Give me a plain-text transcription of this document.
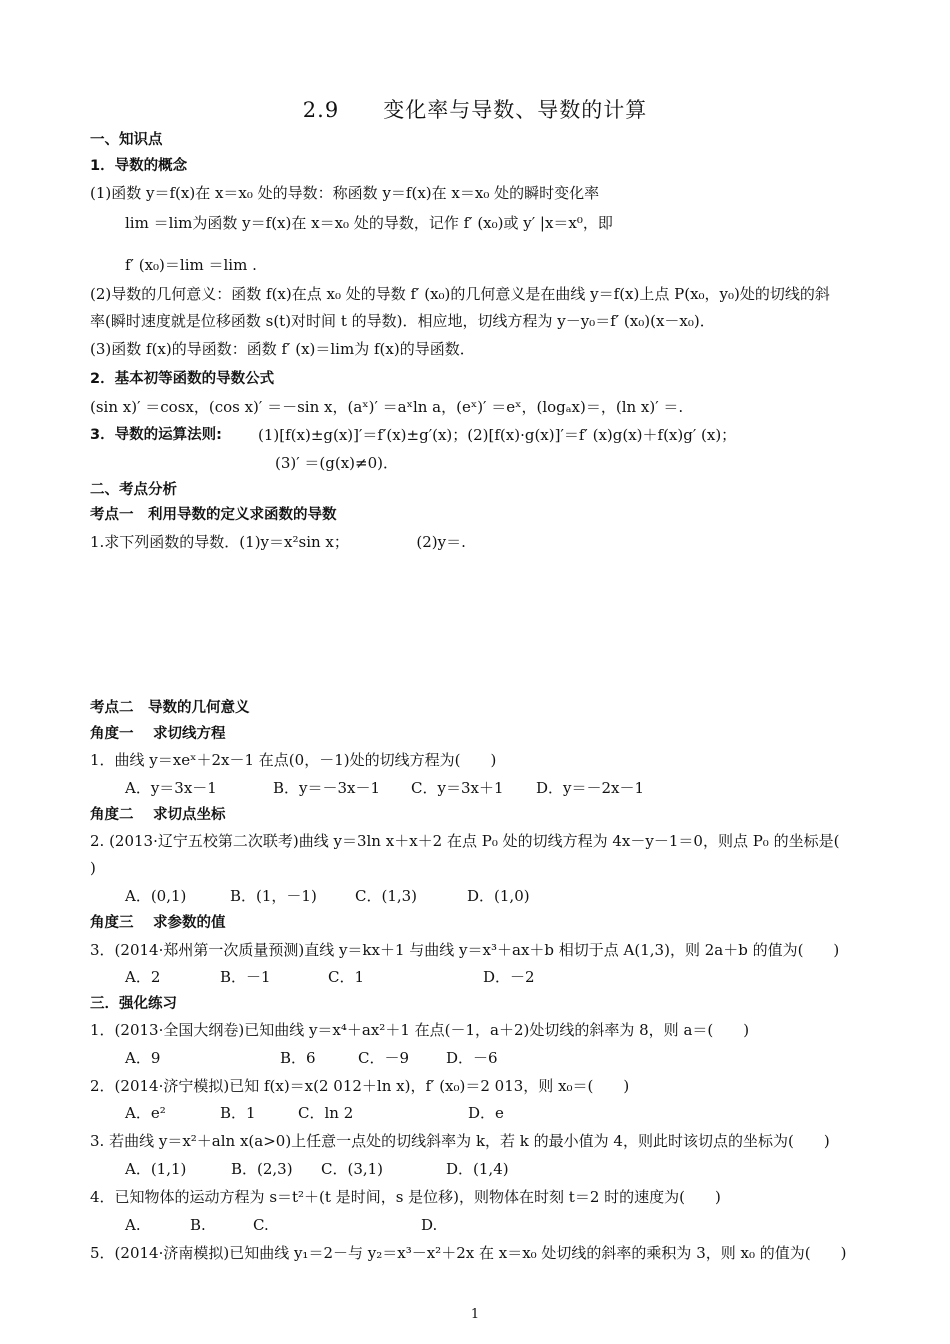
2.9　　变化率与导数、导数的计算
一、知识点
1．导数的概念
(1)函数 y＝f(x)在 x＝x₀ 处的导数：称函数 y＝f(x)在 x＝x₀ 处的瞬时变化率
lim ＝lim为函数 y＝f(x)在 x＝x₀ 处的导数，记作 f′ (x₀)或 y′ |x＝x⁰，即
f′ (x₀)＝lim ＝lim .
(2)导数的几何意义：函数 f(x)在点 x₀ 处的导数 f′ (x₀)的几何意义是在曲线 y＝f(x)上点 P(x₀，y₀)处的切线的斜
率(瞬时速度就是位移函数 s(t)对时间 t 的导数)．相应地，切线方程为 y－y₀＝f′ (x₀)(x－x₀)．
(3)函数 f(x)的导函数：函数 f′ (x)＝lim为 f(x)的导函数．
2．基本初等函数的导数公式
(sin x)′ ＝cosx，(cos x)′ ＝－sin x，(aˣ)′ ＝aˣln a，(eˣ)′ ＝eˣ，(logₐx)＝，(ln x)′ ＝.
3．导数的运算法则: (1)[f(x)±g(x)]′＝f′(x)±g′(x)；(2)[f(x)·g(x)]′＝f′ (x)g(x)＋f(x)g′ (x)；
(3)′ ＝(g(x)≠0)．
二、考点分析
考点一　利用导数的定义求函数的导数
1.求下列函数的导数．(1)y＝x²sin x；　　　　　(2)y＝.
考点二　导数的几何意义
角度一　 求切线方程
1．曲线 y＝xeˣ＋2x－1 在点(0，－1)处的切线方程为(　　)
A．y＝3x－1	B．y＝－3x－1 C．y＝3x＋1 D．y＝－2x－1
角度二　 求切点坐标
2. (2013·辽宁五校第二次联考)曲线 y＝3ln x＋x＋2 在点 P₀ 处的切线方程为 4x－y－1＝0，则点 P₀ 的坐标是(
)
A．(0,1)	B．(1，－1)	C．(1,3)	D．(1,0)
角度三　 求参数的值
3．(2014·郑州第一次质量预测)直线 y＝kx＋1 与曲线 y＝x³＋ax＋b 相切于点 A(1,3)，则 2a＋b 的值为(　　)
A．2	B．－1	C．1	D．－2
三．强化练习
1．(2013·全国大纲卷)已知曲线 y＝x⁴＋ax²＋1 在点(－1，a＋2)处切线的斜率为 8，则 a＝(　　)
A．9	B．6	C．－9 D．－6
2．(2014·济宁模拟)已知 f(x)＝x(2 012＋ln x)，f′ (x₀)＝2 013，则 x₀＝(　　)
A．e²	B．1	C．ln 2	D．e
3. 若曲线 y＝x²＋aln x(a>0)上任意一点处的切线斜率为 k，若 k 的最小值为 4，则此时该切点的坐标为(　　)
A．(1,1)	B．(2,3) C．(3,1)	D．(1,4)
4．已知物体的运动方程为 s＝t²＋(t 是时间，s 是位移)，则物体在时刻 t＝2 时的速度为(　　)
A.	B.	C.	D.
5．(2014·济南模拟)已知曲线 y₁＝2－与 y₂＝x³－x²＋2x 在 x＝x₀ 处切线的斜率的乘积为 3，则 x₀ 的值为(　　)
1
